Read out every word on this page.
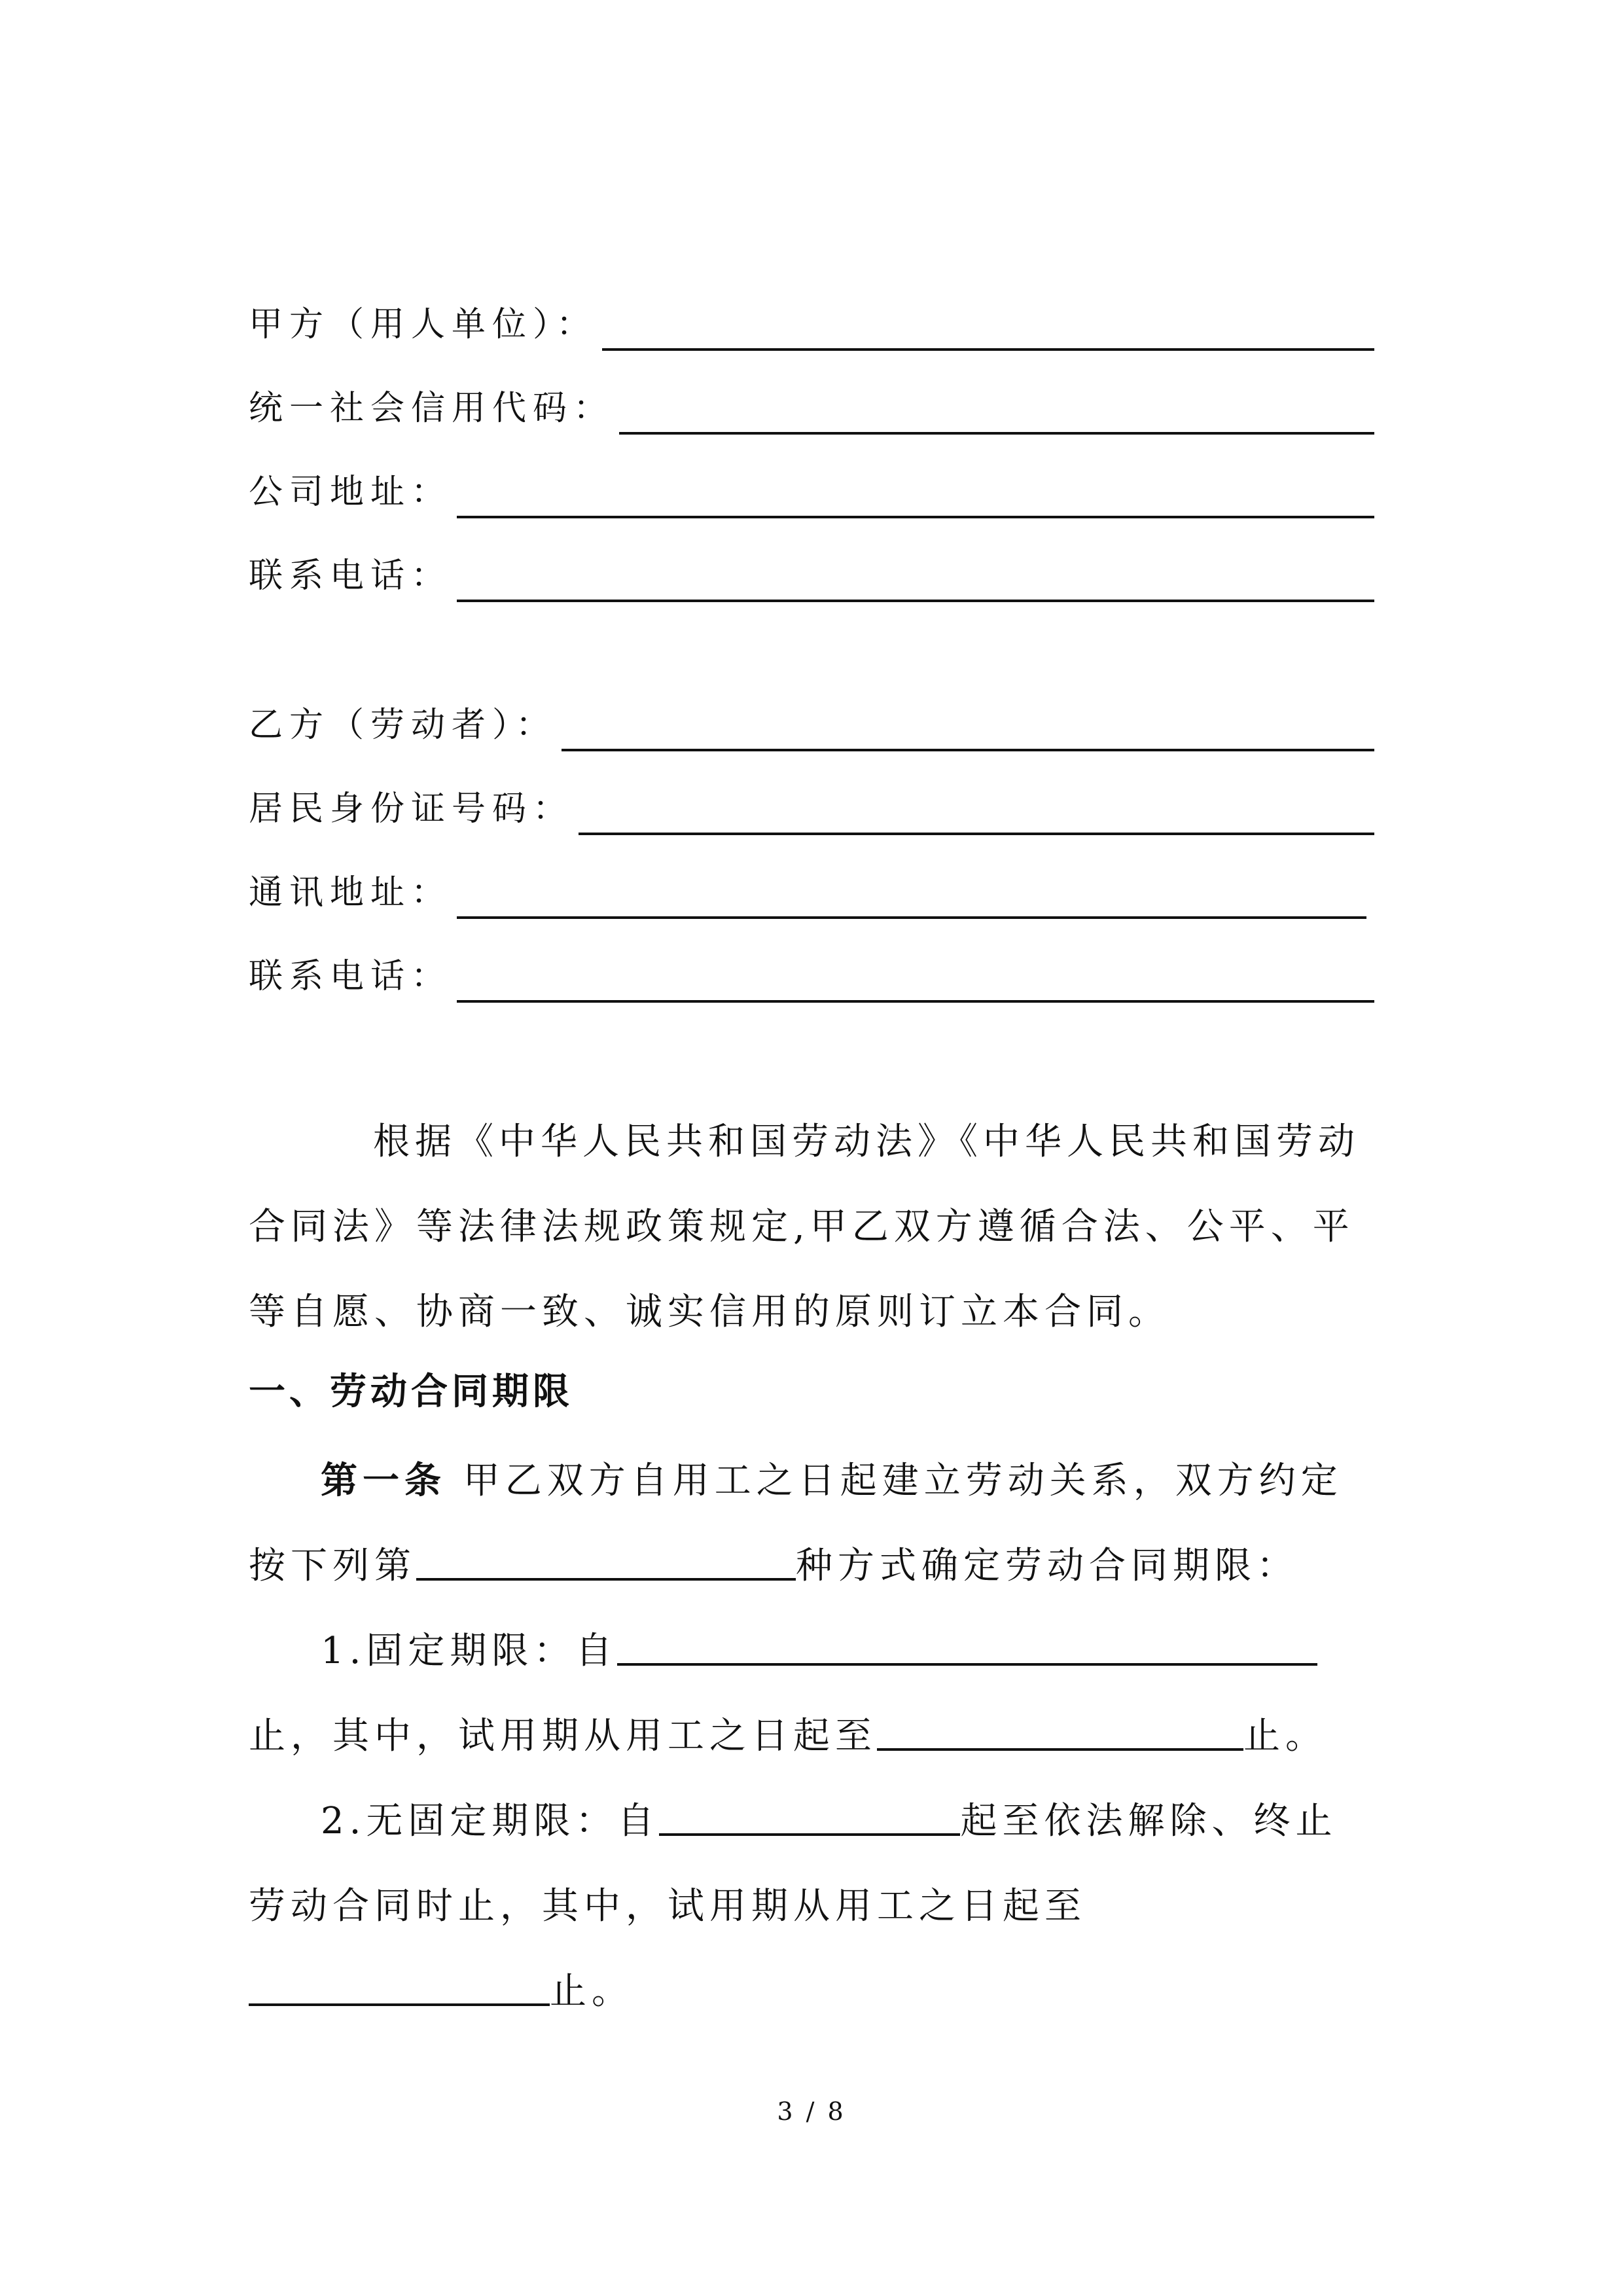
甲方（用人单位）：
统一社会信用代码：
公司地址：
联系电话：
乙方（劳动者）：
居民身份证号码：
通讯地址：
联系电话：

根据《中华人民共和国劳动法》《中华人民共和国劳动合同法》等法律法规政策规定,甲乙双方遵循合法、公平、平等自愿、协商一致、诚实信用的原则订立本合同。

一、劳动合同期限

第一条 甲乙双方自用工之日起建立劳动关系，双方约定按下列第	种方式确定劳动合同期限：

1.固定期限：自止，其中，试用期从用工之日起至	止。

2.无固定期限：自	起至依法解除、终止劳动合同时止，其中，试用期从用工之日起至止。

3 / 8
